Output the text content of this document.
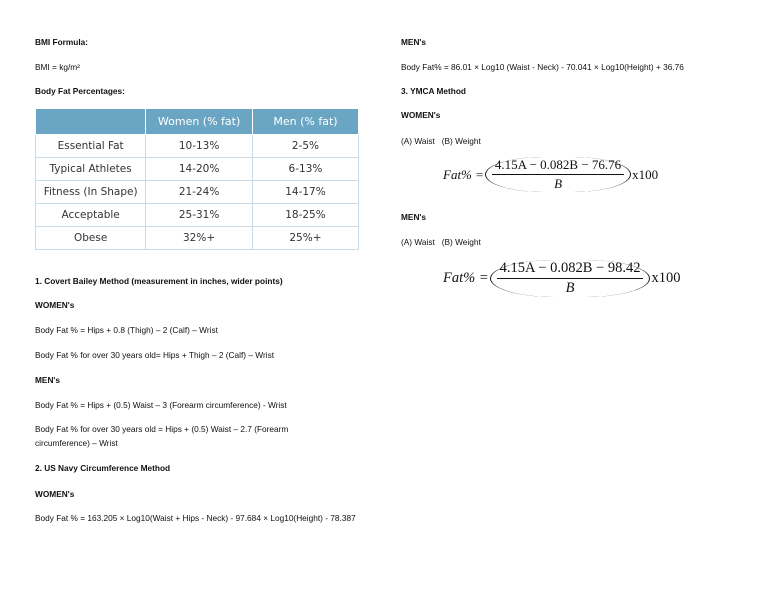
BMI Formula:

BMI = kg/m²

Body Fat Percentages:

	Women (% fat)	Men (% fat)
Essential Fat	10-13%	2-5%
Typical Athletes	14-20%	6-13%
Fitness (In Shape)	21-24%	14-17%
Acceptable	25-31%	18-25%
Obese	32%+	25%+

1. Covert Bailey Method (measurement in inches, wider points)

WOMEN's

Body Fat % = Hips + 0.8 (Thigh) – 2 (Calf) – Wrist

Body Fat % for over 30 years old= Hips + Thigh – 2 (Calf) – Wrist

MEN's

Body Fat % = Hips + (0.5) Waist – 3 (Forearm circumference) - Wrist

Body Fat % for over 30 years old = Hips + (0.5) Waist – 2.7 (Forearm circumference) – Wrist

2. US Navy Circumference Method

WOMEN's

Body Fat % = 163.205 × Log10(Waist + Hips - Neck) - 97.684 × Log10(Height) - 78.387

MEN's

Body Fat% = 86.01 × Log10 (Waist - Neck) - 70.041 × Log10(Height) + 36.76

3. YMCA Method

WOMEN's

(A) Waist   (B) Weight

$Fat\% = \frac{4.15A - 0.082B - 76.76}{B} x100$

MEN's

(A) Waist   (B) Weight

$Fat\% = \frac{4.15A - 0.082B - 98.42}{B} x100$
